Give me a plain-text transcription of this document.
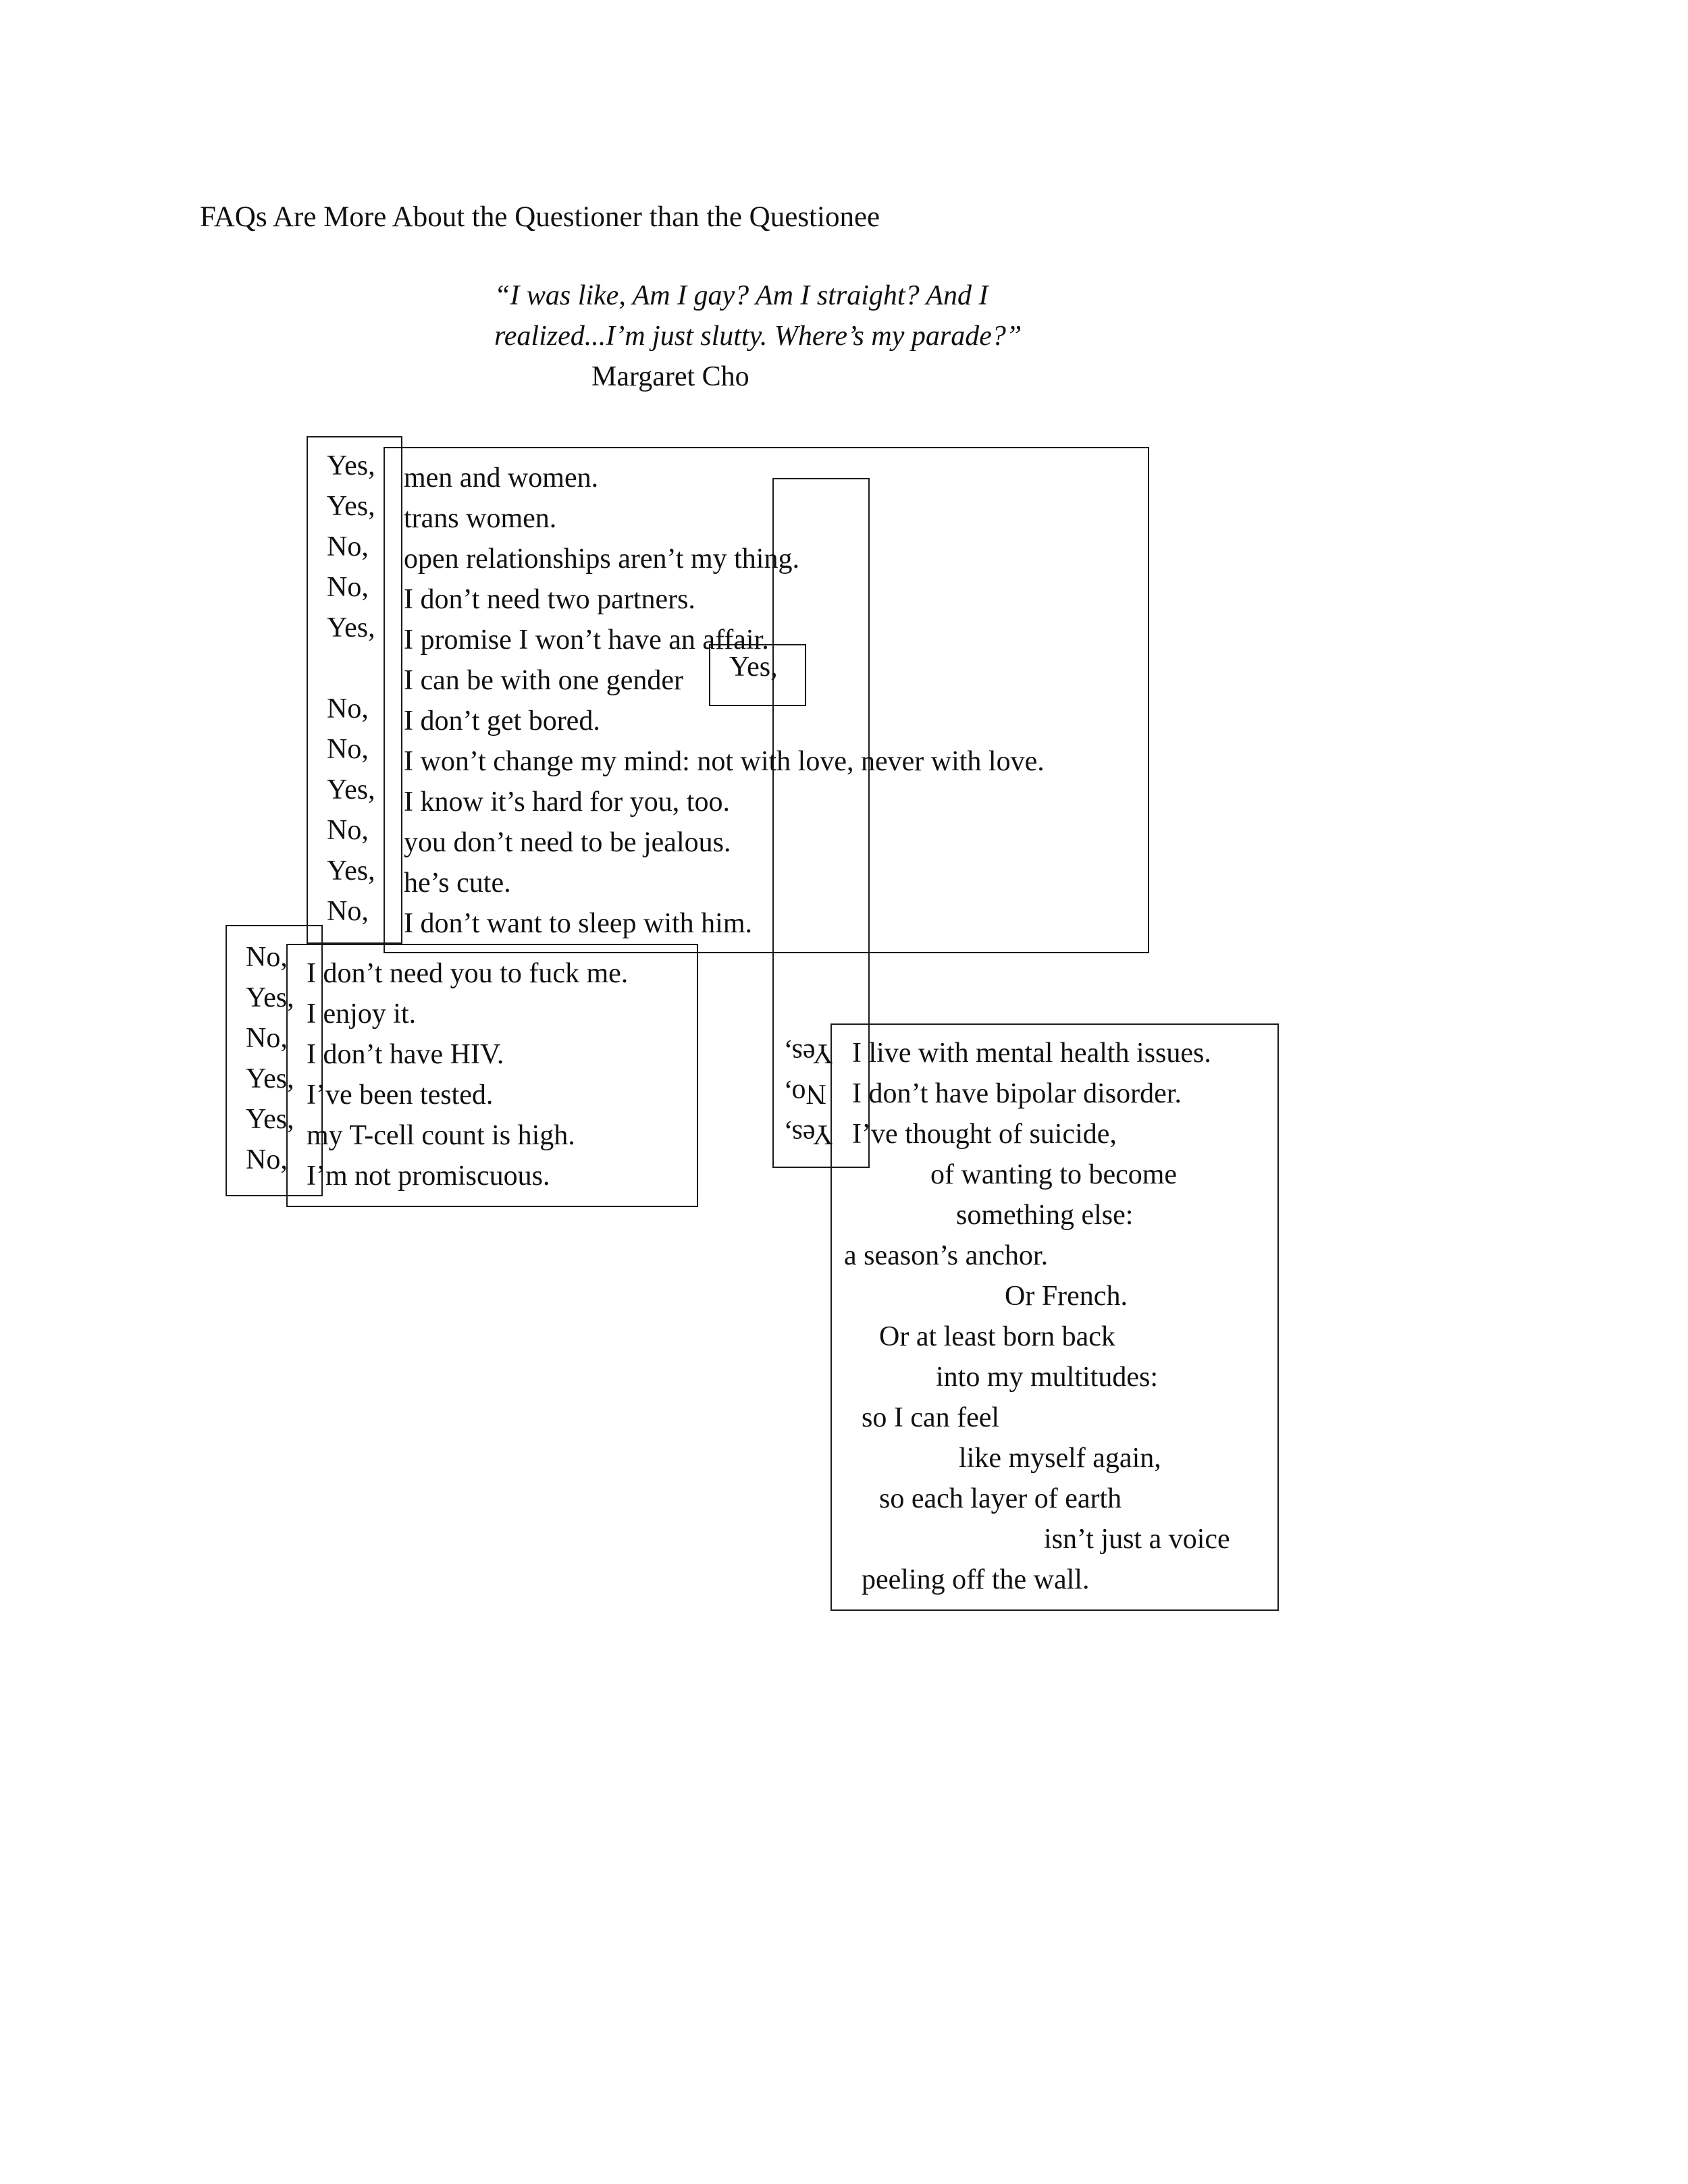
FAQs Are More About the Questioner than the Questionee
“I was like, Am I gay? Am I straight? And I
realized...I’m just slutty. Where’s my parade?”
Margaret Cho
Yes,
Yes,
No,
No,
Yes,
No,
No,
Yes,
No,
Yes,
No,
men and women.
trans women.
open relationships aren’t my thing.
I don’t need two partners.
I promise I won’t have an affair.
I can be with one gender
I don’t get bored.
I won’t change my mind: not with love, never with love.
I know it’s hard for you, too.
you don’t need to be jealous.
he’s cute.
I don’t want to sleep with him.
Yes,
No,
Yes,
No,
Yes,
Yes,
No,
I don’t need you to fuck me.
I enjoy it.
I don’t have HIV.
I’ve been tested.
my T-cell count is high.
I’m not promiscuous.
Yes,
No,
Yes,
I live with mental health issues.
I don’t have bipolar disorder.
I’ve thought of suicide,
of wanting to become
something else:
a season’s anchor.
Or French.
Or at least born back
into my multitudes:
so I can feel
like myself again,
so each layer of earth
isn’t just a voice
peeling off the wall.
